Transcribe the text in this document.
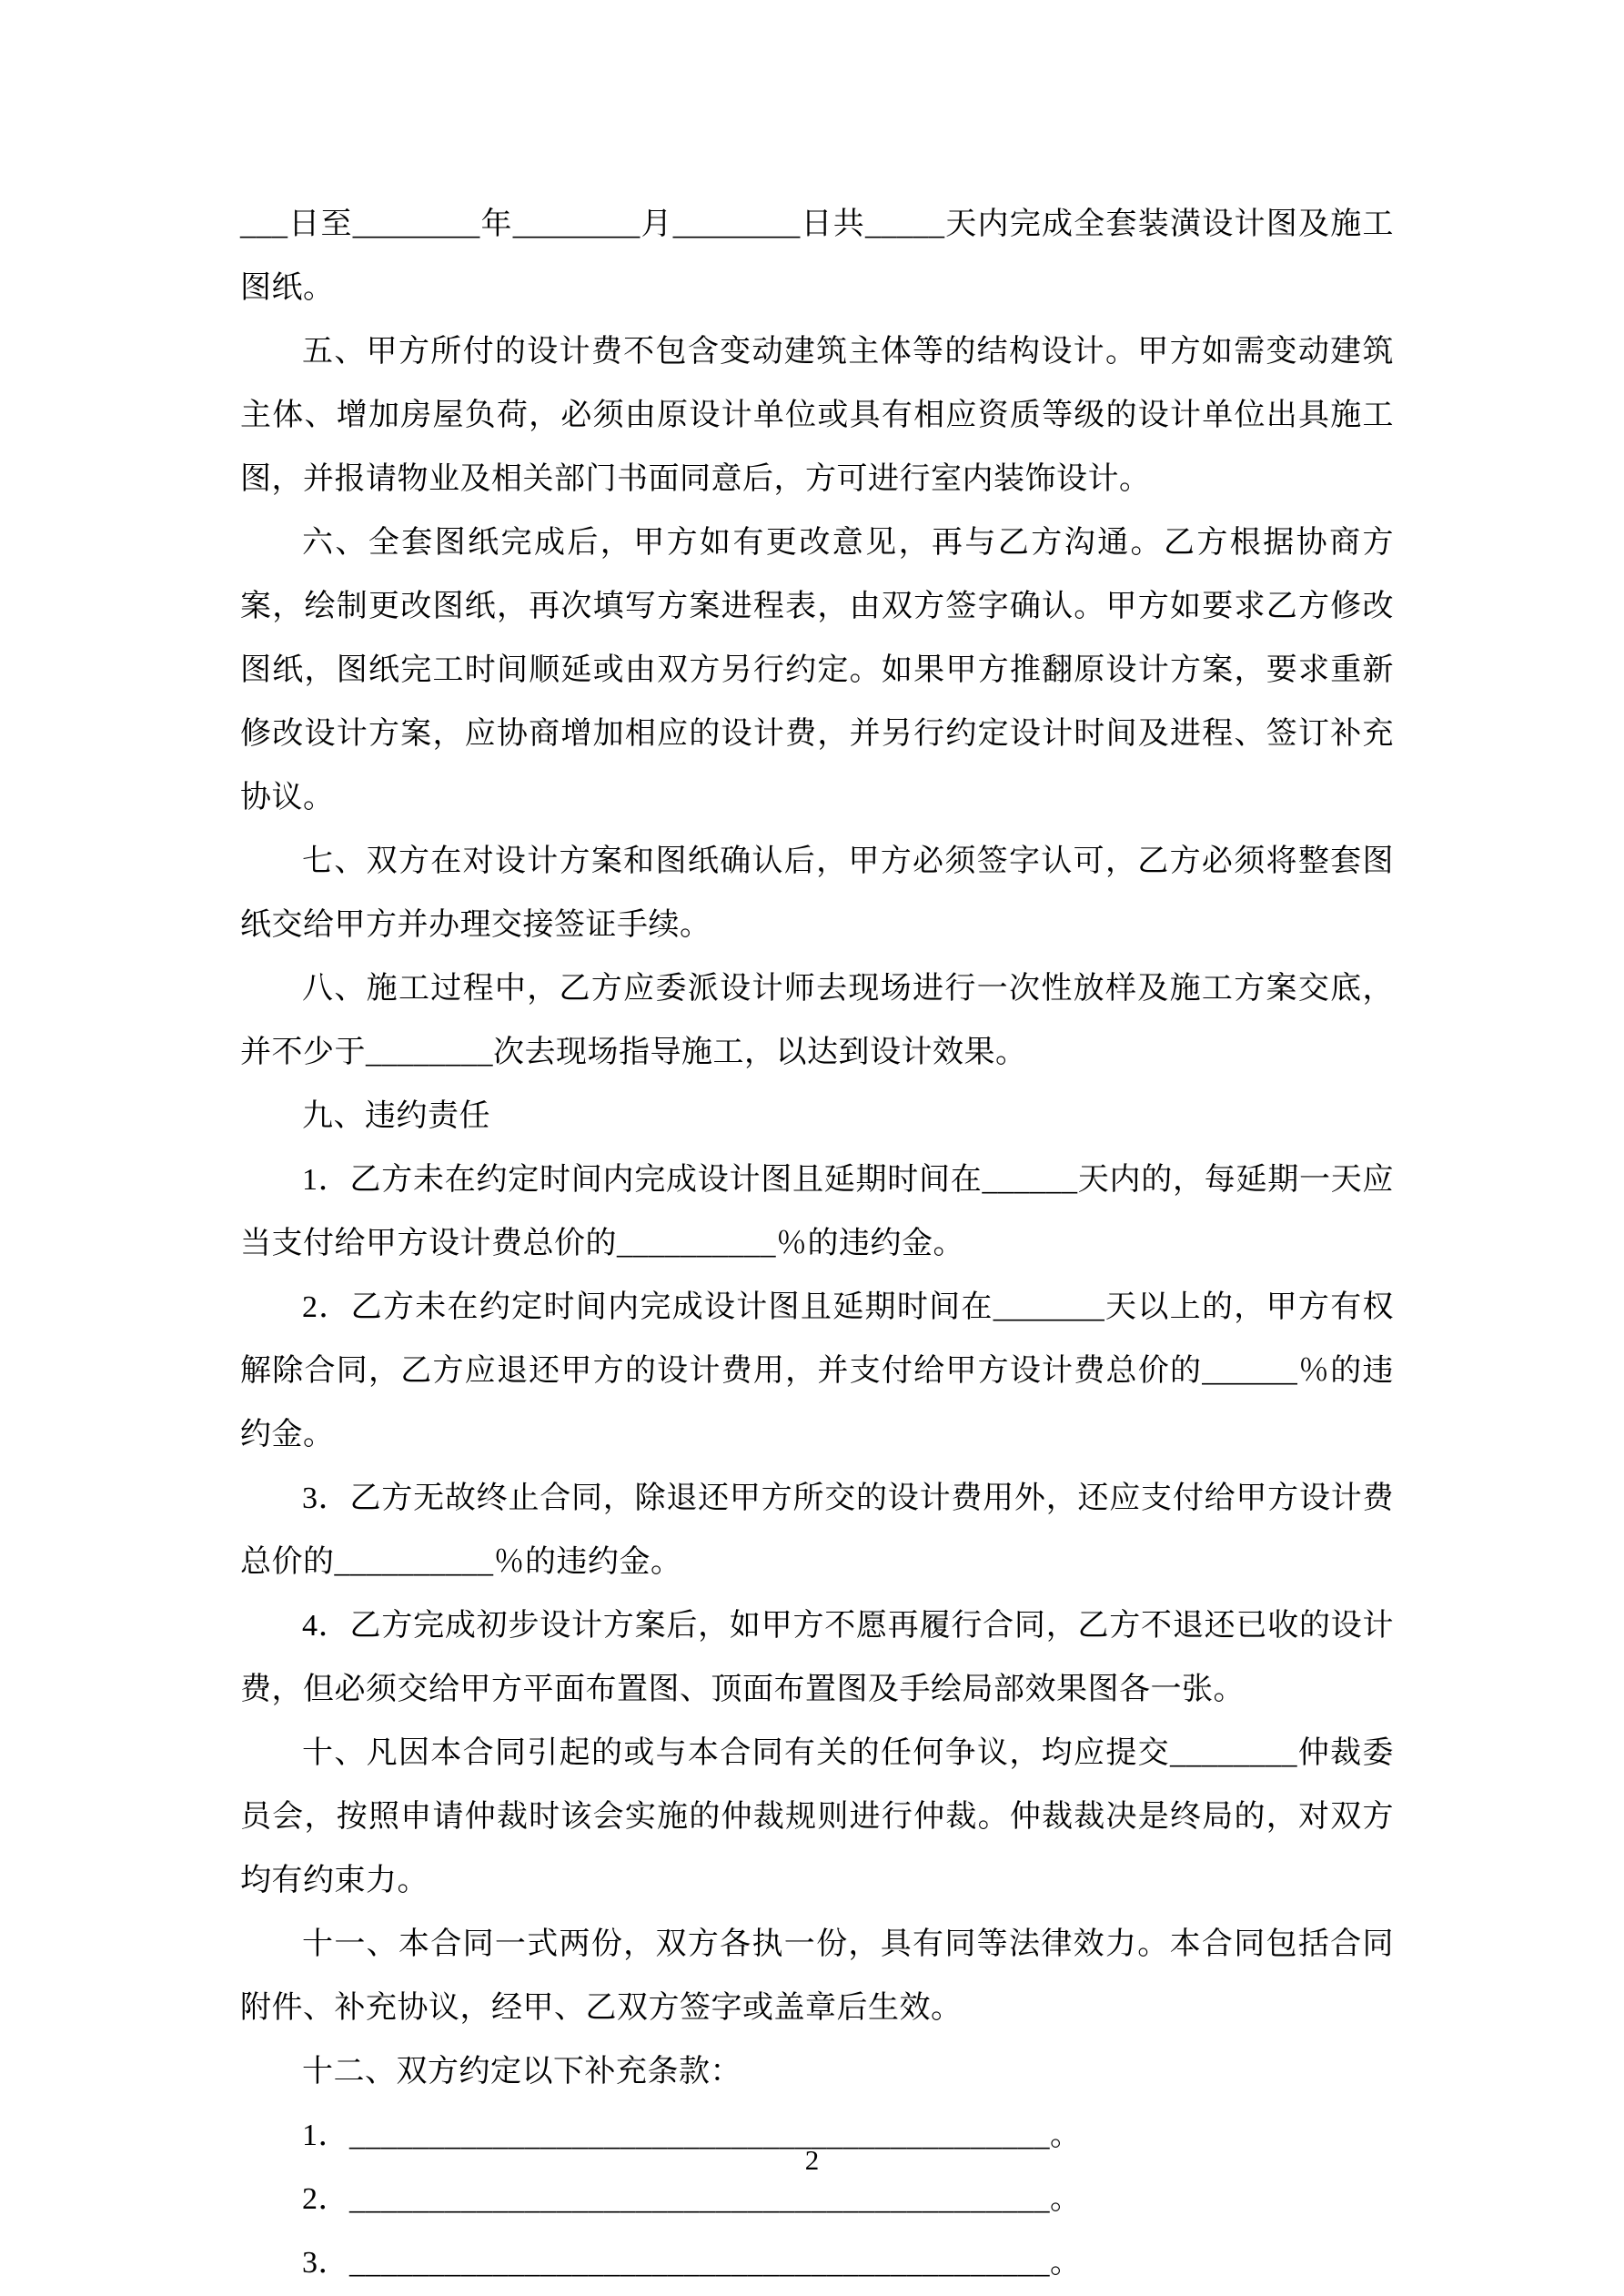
___日至________年________月________日共_____天内完成全套装潢设计图及施工图纸。

五、甲方所付的设计费不包含变动建筑主体等的结构设计。甲方如需变动建筑主体、增加房屋负荷，必须由原设计单位或具有相应资质等级的设计单位出具施工图，并报请物业及相关部门书面同意后，方可进行室内装饰设计。

六、全套图纸完成后，甲方如有更改意见，再与乙方沟通。乙方根据协商方案，绘制更改图纸，再次填写方案进程表，由双方签字确认。甲方如要求乙方修改图纸，图纸完工时间顺延或由双方另行约定。如果甲方推翻原设计方案，要求重新修改设计方案，应协商增加相应的设计费，并另行约定设计时间及进程、签订补充协议。

七、双方在对设计方案和图纸确认后，甲方必须签字认可，乙方必须将整套图纸交给甲方并办理交接签证手续。

八、施工过程中，乙方应委派设计师去现场进行一次性放样及施工方案交底，并不少于________次去现场指导施工，以达到设计效果。

九、违约责任

1．乙方未在约定时间内完成设计图且延期时间在______天内的，每延期一天应当支付给甲方设计费总价的__________％的违约金。

2．乙方未在约定时间内完成设计图且延期时间在_______天以上的，甲方有权解除合同，乙方应退还甲方的设计费用，并支付给甲方设计费总价的______％的违约金。

3．乙方无故终止合同，除退还甲方所交的设计费用外，还应支付给甲方设计费总价的__________％的违约金。

4．乙方完成初步设计方案后，如甲方不愿再履行合同，乙方不退还已收的设计费，但必须交给甲方平面布置图、顶面布置图及手绘局部效果图各一张。

十、凡因本合同引起的或与本合同有关的任何争议，均应提交________仲裁委员会，按照申请仲裁时该会实施的仲裁规则进行仲裁。仲裁裁决是终局的，对双方均有约束力。

十一、本合同一式两份，双方各执一份，具有同等法律效力。本合同包括合同附件、补充协议，经甲、乙双方签字或盖章后生效。

十二、双方约定以下补充条款：

1．____________________________________________。

2．____________________________________________。

3．____________________________________________。

2
